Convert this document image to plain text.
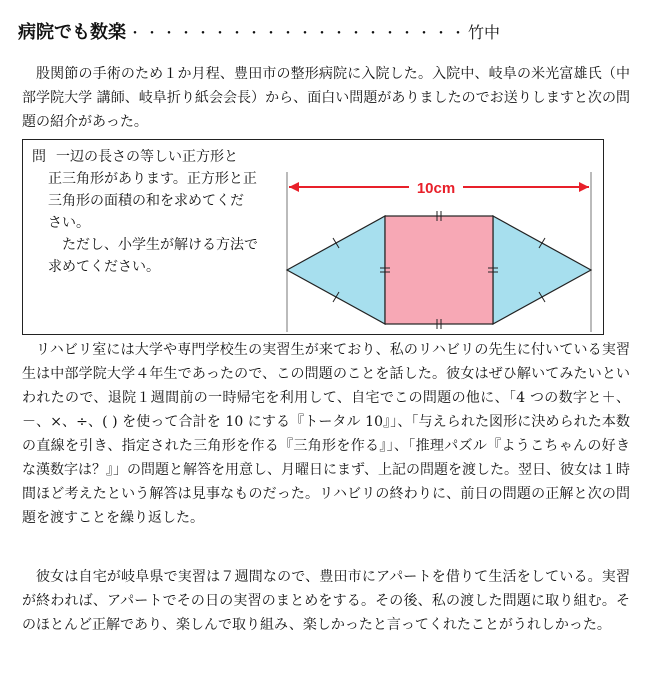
病院でも数楽 ・・・・・・・・・・・・・・・・・・・・竹中

股関節の手術のため１か月程、豊田市の整形病院に入院した。入院中、岐阜の米光富雄氏（中部学院大学 講師、岐阜折り紙会会長）から、面白い問題がありましたのでお送りしますと次の問題の紹介があった。

問 一辺の長さの等しい正方形と
正三角形があります。正方形と正
三角形の面積の和を求めてくだ
さい。
ただし、小学生が解ける方法で
求めてください。
10cm

リハビリ室には大学や専門学校生の実習生が来ており、私のリハビリの先生に付いている実習生は中部学院大学４年生であったので、この問題のことを話した。彼女はぜひ解いてみたいといわれたので、退院１週間前の一時帰宅を利用して、自宅でこの問題の他に、「4 つの数字と＋、－、×、÷、( ) を使って合計を 10 にする『トータル 10』」、「与えられた図形に決められた本数の直線を引き、指定された三角形を作る『三角形を作る』」、「推理パズル『ようこちゃんの好きな漢数字は？』」の問題と解答を用意し、月曜日にまず、上記の問題を渡した。翌日、彼女は１時間ほど考えたという解答は見事なものだった。リハビリの終わりに、前日の問題の正解と次の問題を渡すことを繰り返した。

彼女は自宅が岐阜県で実習は７週間なので、豊田市にアパートを借りて生活をしている。実習が終われば、アパートでその日の実習のまとめをする。その後、私の渡した問題に取り組む。そのほとんど正解であり、楽しんで取り組み、楽しかったと言ってくれたことがうれしかった。
